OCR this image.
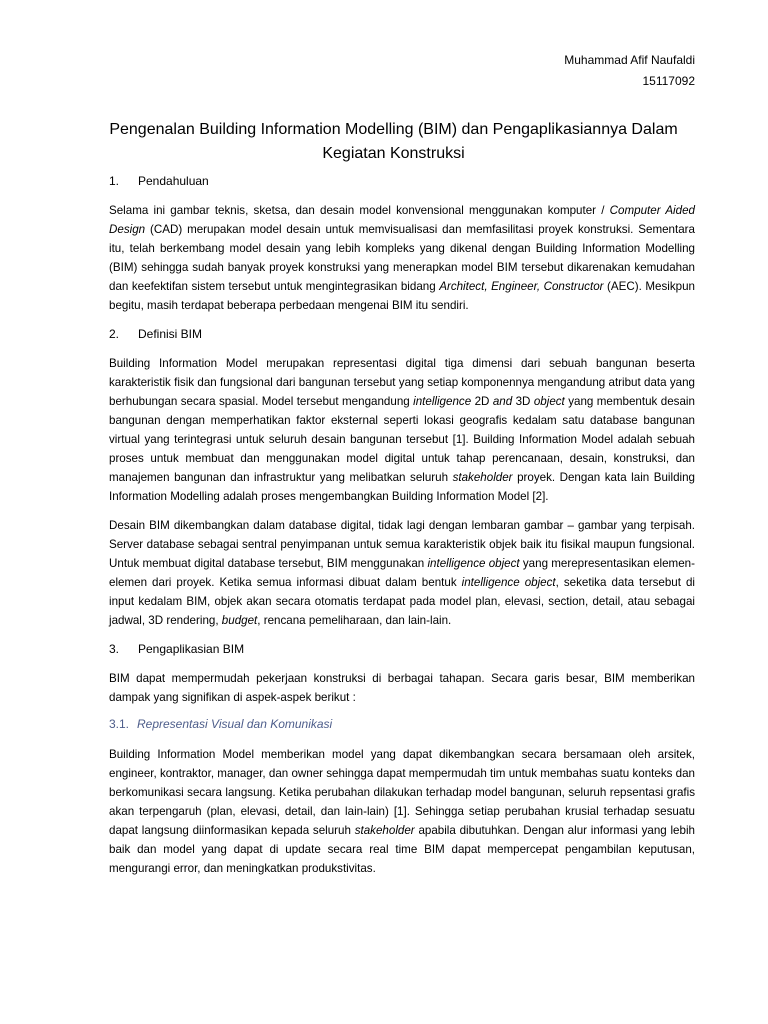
Muhammad Afif Naufaldi
15117092
Pengenalan Building Information Modelling (BIM) dan Pengaplikasiannya Dalam Kegiatan Konstruksi
1.	Pendahuluan

Selama ini gambar teknis, sketsa, dan desain model konvensional menggunakan komputer / Computer Aided Design (CAD) merupakan model desain untuk memvisualisasi dan memfasilitasi proyek konstruksi. Sementara itu, telah berkembang model desain yang lebih kompleks yang dikenal dengan Building Information Modelling (BIM) sehingga sudah banyak proyek konstruksi yang menerapkan model BIM tersebut dikarenakan kemudahan dan keefektifan sistem tersebut untuk mengintegrasikan bidang Architect, Engineer, Constructor (AEC). Mesikpun begitu, masih terdapat beberapa perbedaan mengenai BIM itu sendiri.

2.	Definisi BIM

Building Information Model merupakan representasi digital tiga dimensi dari sebuah bangunan beserta karakteristik fisik dan fungsional dari bangunan tersebut yang setiap komponennya mengandung atribut data yang berhubungan secara spasial. Model tersebut mengandung intelligence 2D and 3D object yang membentuk desain bangunan dengan memperhatikan faktor eksternal seperti lokasi geografis kedalam satu database bangunan virtual yang terintegrasi untuk seluruh desain bangunan tersebut [1]. Building Information Model adalah sebuah proses untuk membuat dan menggunakan model digital untuk tahap perencanaan, desain, konstruksi, dan manajemen bangunan dan infrastruktur yang melibatkan seluruh stakeholder proyek. Dengan kata lain Building Information Modelling adalah proses mengembangkan Building Information Model [2].

Desain BIM dikembangkan dalam database digital, tidak lagi dengan lembaran gambar – gambar yang terpisah. Server database sebagai sentral penyimpanan untuk semua karakteristik objek baik itu fisikal maupun fungsional. Untuk membuat digital database tersebut, BIM menggunakan intelligence object yang merepresentasikan elemen-elemen dari proyek. Ketika semua informasi dibuat dalam bentuk intelligence object, seketika data tersebut di input kedalam BIM, objek akan secara otomatis terdapat pada model plan, elevasi, section, detail, atau sebagai jadwal, 3D rendering, budget, rencana pemeliharaan, dan lain-lain.

3.	Pengaplikasian BIM

BIM dapat mempermudah pekerjaan konstruksi di berbagai tahapan. Secara garis besar, BIM memberikan dampak yang signifikan di aspek-aspek berikut :

3.1. Representasi Visual dan Komunikasi

Building Information Model memberikan model yang dapat dikembangkan secara bersamaan oleh arsitek, engineer, kontraktor, manager, dan owner sehingga dapat mempermudah tim untuk membahas suatu konteks dan berkomunikasi secara langsung. Ketika perubahan dilakukan terhadap model bangunan, seluruh repsentasi grafis akan terpengaruh (plan, elevasi, detail, dan lain-lain) [1]. Sehingga setiap perubahan krusial terhadap sesuatu dapat langsung diinformasikan kepada seluruh stakeholder apabila dibutuhkan. Dengan alur informasi yang lebih baik dan model yang dapat di update secara real time BIM dapat mempercepat pengambilan keputusan, mengurangi error, dan meningkatkan produkstivitas.
